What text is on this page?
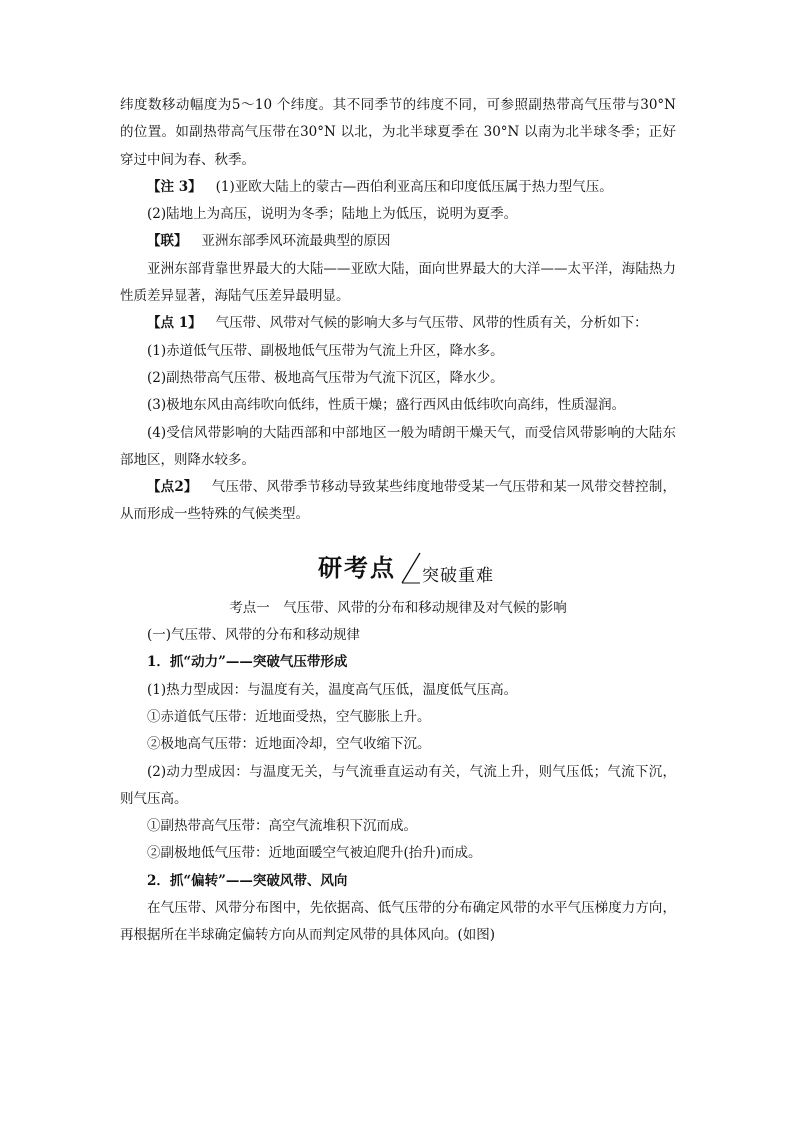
纬度数移动幅度为5～10 个纬度。其不同季节的纬度不同，可参照副热带高气压带与30°N 的位置。如副热带高气压带在30°N 以北，为北半球夏季在 30°N 以南为北半球冬季；正好穿过中间为春、秋季。

【注 3】 (1)亚欧大陆上的蒙古—西伯利亚高压和印度低压属于热力型气压。

(2)陆地上为高压，说明为冬季；陆地上为低压，说明为夏季。

【联】 亚洲东部季风环流最典型的原因

亚洲东部背靠世界最大的大陆——亚欧大陆，面向世界最大的大洋——太平洋，海陆热力性质差异显著，海陆气压差异最明显。

【点 1】 气压带、风带对气候的影响大多与气压带、风带的性质有关，分析如下：

(1)赤道低气压带、副极地低气压带为气流上升区，降水多。

(2)副热带高气压带、极地高气压带为气流下沉区，降水少。

(3)极地东风由高纬吹向低纬，性质干燥；盛行西风由低纬吹向高纬，性质湿润。

(4)受信风带影响的大陆西部和中部地区一般为晴朗干燥天气，而受信风带影响的大陆东部地区，则降水较多。

【点2】 气压带、风带季节移动导致某些纬度地带受某一气压带和某一风带交替控制，从而形成一些特殊的气候类型。

研考点 突破重难

考点一　气压带、风带的分布和移动规律及对气候的影响

(一)气压带、风带的分布和移动规律

1．抓“动力”——突破气压带形成

(1)热力型成因：与温度有关，温度高气压低，温度低气压高。

①赤道低气压带：近地面受热，空气膨胀上升。

②极地高气压带：近地面冷却，空气收缩下沉。

(2)动力型成因：与温度无关，与气流垂直运动有关，气流上升，则气压低；气流下沉，则气压高。

①副热带高气压带：高空气流堆积下沉而成。

②副极地低气压带：近地面暖空气被迫爬升(抬升)而成。

2．抓“偏转”——突破风带、风向

在气压带、风带分布图中，先依据高、低气压带的分布确定风带的水平气压梯度力方向，再根据所在半球确定偏转方向从而判定风带的具体风向。(如图)
